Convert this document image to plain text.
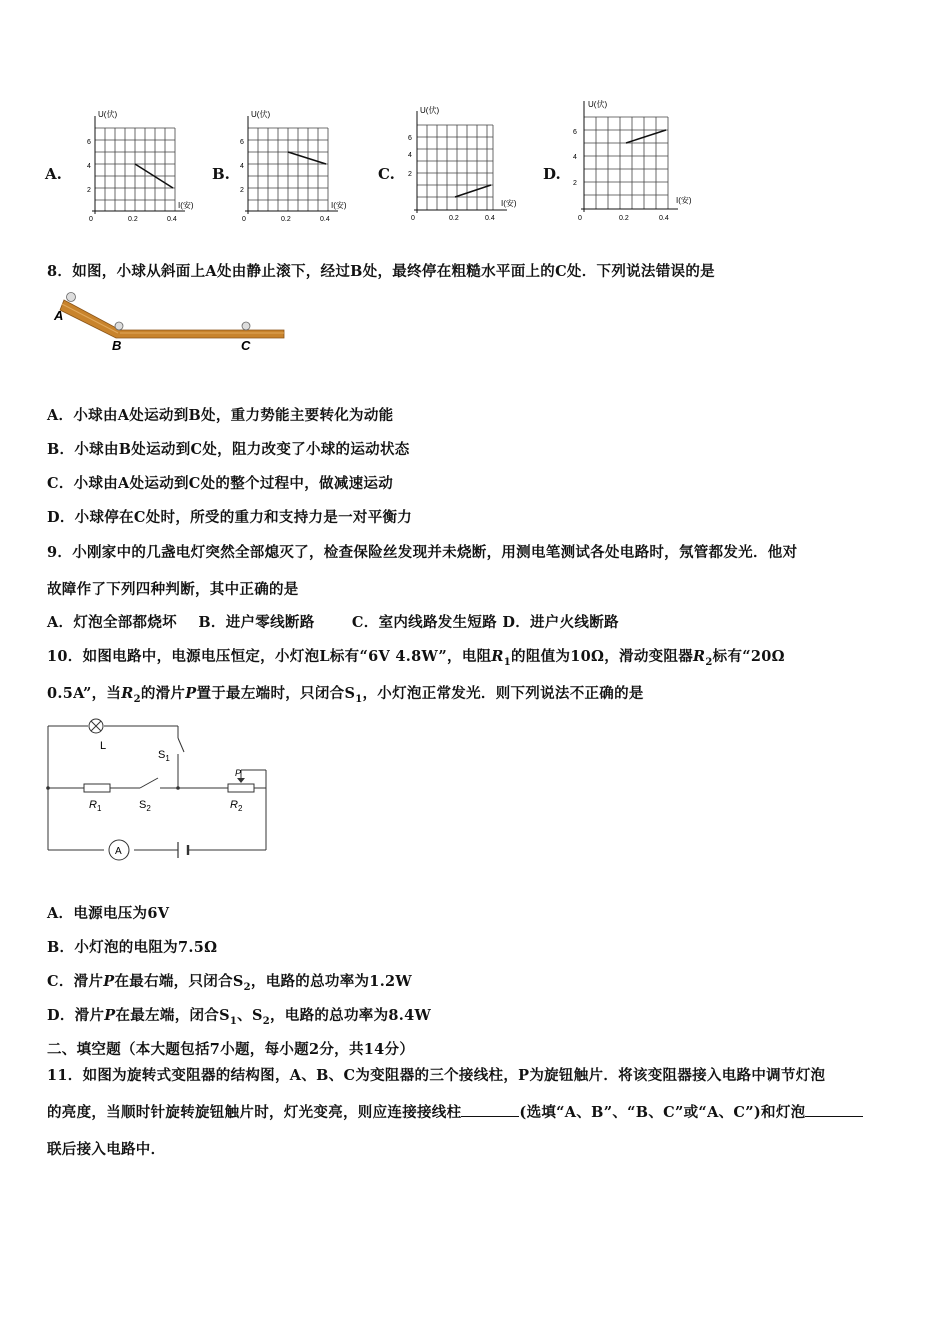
A.	B.	C.	D.
U(伏)
I(安)
2
4
6
0	0.2	0.4
U(伏)
I(安)
2
4
6
0	0.2	0.4
U(伏)
I(安)
2
4
6
0	0.2	0.4
U(伏)
I(安)
2
4
6
0	0.2	0.4
8．如图，小球从斜面上A处由静止滚下，经过B处，最终停在粗糙水平面上的C处．下列说法错误的是
A
B	C
A．小球由A处运动到B处，重力势能主要转化为动能
B．小球由B处运动到C处，阻力改变了小球的运动状态
C．小球由A处运动到C处的整个过程中，做减速运动
D．小球停在C处时，所受的重力和支持力是一对平衡力
9．小刚家中的几盏电灯突然全部熄灭了，检查保险丝发现并未烧断，用测电笔测试各处电路时，氖管都发光．他对
故障作了下列四种判断，其中正确的是
A．灯泡全部都烧坏    B．进户零线断路       C．室内线路发生短路 D．进户火线断路
10．如图电路中，电源电压恒定，小灯泡L标有“6V 4.8W”，电阻$R_1$的阻值为10Ω，滑动变阻器$R_2$标有“20Ω
0.5A”，当$R_2$的滑片P置于最左端时，只闭合$S_1$，小灯泡正常发光．则下列说法不正确的是
L
$S_1$
$R_1$	$S_2$
P
$R_2$
A
A．电源电压为6V
B．小灯泡的电阻为7.5Ω
C．滑片P在最右端，只闭合$S_2$，电路的总功率为1.2W
D．滑片P在最左端，闭合$S_1$、$S_2$，电路的总功率为8.4W
二、填空题（本大题包括7小题，每小题2分，共14分）
11．如图为旋转式变阻器的结构图，A、B、C为变阻器的三个接线柱，P为旋钮触片．将该变阻器接入电路中调节灯泡
的亮度，当顺时针旋转旋钮触片时，灯光变亮，则应连接接线柱	(选填“A、B”、“B、C”或“A、C”)和灯泡
联后接入电路中．
